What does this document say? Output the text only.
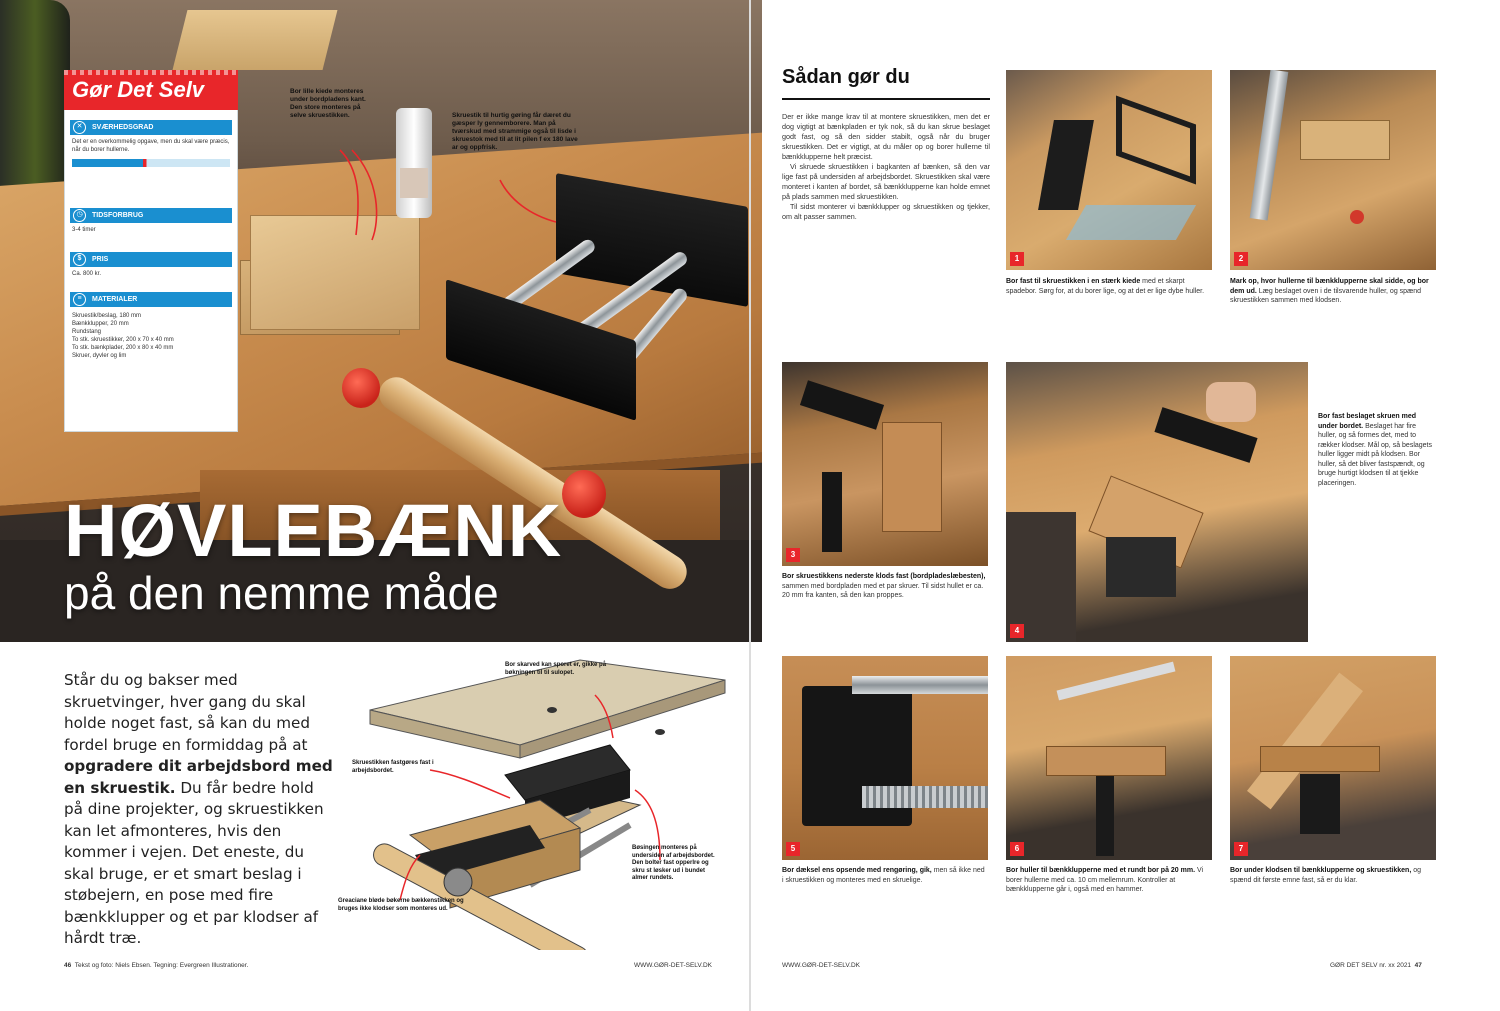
Bor lille kiede monteres under bordpladens kant. Den store monteres på selve skruestikken.	Skruestik til hurtig gøring får dæret du gæsper ly gennemborere. Man på tværskud med strammige også til lisde i skruestok med til at lit pilen f ex 180 lave ar og oppfrisk.
HØVLEBÆNK
på den nemme måde
Gør Det Selv
✕	SVÆRHEDSGRAD
Det er en overkommelig opgave, men du skal være præcis, når du borer hullerne.
◷	TIDSFORBRUG
3-4 timer
$	PRIS
Ca. 800 kr.
≡	MATERIALER
Skruestik/beslag, 180 mm
Bænkklupper, 20 mm
Rundstang
To stk. skruestikker, 200 x 70 x 40 mm
To stk. bænkplader, 200 x 80 x 40 mm
Skruer, dyvler og lim
Står du og bakser med skruetvinger, hver gang du skal holde noget fast, så kan du med fordel bruge en formiddag på at opgradere dit arbejdsbord med en skruestik. Du får bedre hold på dine projekter, og skruestikken kan let afmonteres, hvis den kommer i vejen. Det eneste, du skal bruge, er et smart beslag i støbejern, en pose med fire bænkklupper og et par klodser af hårdt træ.
Bor skarved kan sporet er, gikke på bøkningen til til sulopet.
Skruestikken fastgøres fast i arbejdsbordet.
Bøsingen monteres på undersiden af arbejdsbordet. Den bolter fast opperlre og skru st løsker ud i bundet almer rundets.
Greaciane bløde bøkerne bækkenstikken og bruges ikke klodser som monteres ud.
46 Tekst og foto: Niels Ebsen. Tegning: Evergreen Illustrationer.	WWW.GØR-DET-SELV.DK
Sådan gør du

Der er ikke mange krav til at montere skruestikken, men det er dog vigtigt at bænkpladen er tyk nok, så du kan skrue beslaget godt fast, og så den sidder stabilt, også når du bruger skruestikken. Det er vigtigt, at du måler op og borer hullerne til bænkklupperne helt præcist.

Vi skruede skruestikken i bagkanten af bænken, så den var lige fast på undersiden af arbejdsbordet. Skruestikken skal være monteret i kanten af bordet, så bænkklupperne kan holde emnet på plads sammen med skruestikken.

Til sidst monterer vi bænkklupper og skruestikken og tjekker, om alt passer sammen.

1
Bor fast til skruestikken i en stærk kiede med et skarpt spadebor. Sørg for, at du borer lige, og at det er lige dybe huller.
2
Mark op, hvor hullerne til bænkklupperne skal sidde, og bor dem ud. Læg beslaget oven i de tilsvarende huller, og spænd skruestikken sammen med klodsen.
3
Bor skruestikkens nederste klods fast (bordpladeslæbesten), sammen med bordpladen med et par skruer. Til sidst hullet er ca. 20 mm fra kanten, så den kan proppes.
4
Bor fast beslaget skruen med under bordet. Beslaget har fire huller, og så formes det, med to rækker klodser. Mål op, så beslagets huller ligger midt på klodsen. Bor huller, så det bliver fastspændt, og bruge hurtigt klodsen til at tjekke placeringen.
5
Bor dæksel ens opsende med rengøring, gik, men så ikke ned i skruestikken og monteres med en skruelige.
6
Bor huller til bænkklupperne med et rundt bor på 20 mm. Vi borer hullerne med ca. 10 cm mellemrum. Kontroller at bænkklupperne går i, også med en hammer.
7
Bor under klodsen til bænkklupperne og skruestikken, og spænd dit første emne fast, så er du klar.
WWW.GØR-DET-SELV.DK	GØR DET SELV nr. xx 2021 47
